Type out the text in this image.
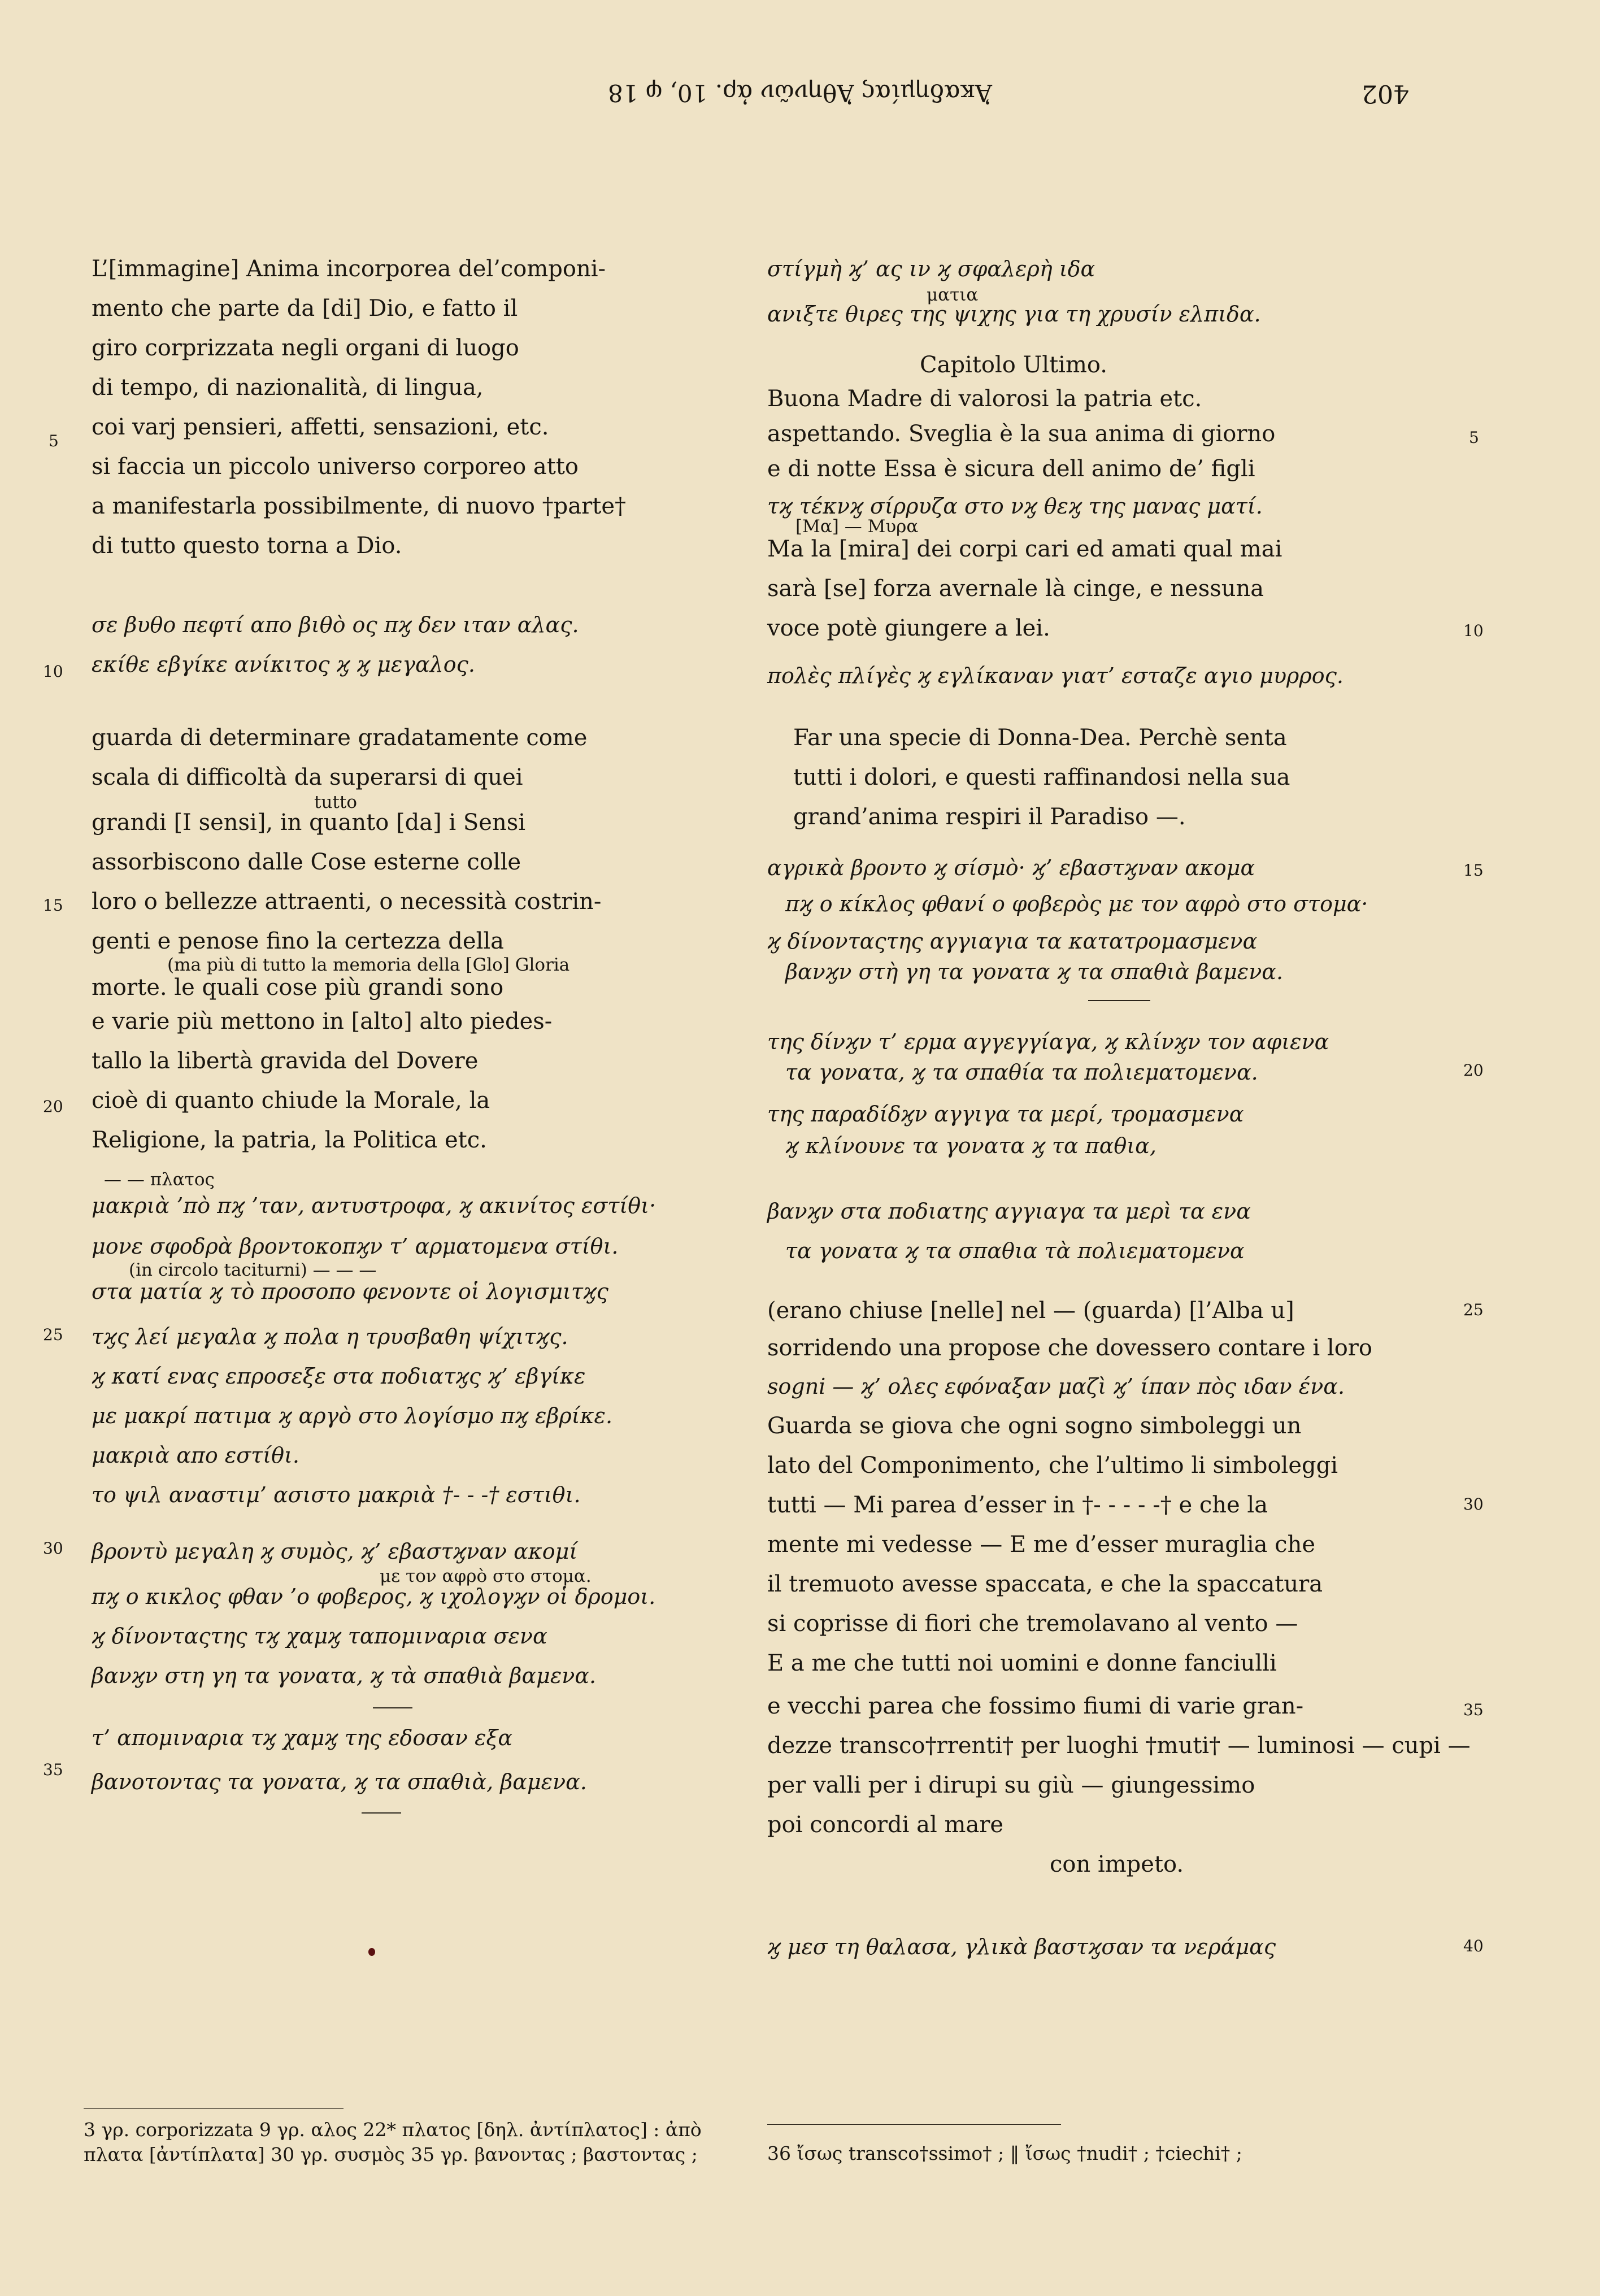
Ἀκαδημίας Ἀθηνῶν ἀρ. 10, φ 18	402
L’[immagine] Anima incorporea del’componi-
mento che parte da [di] Dio, e fatto il
giro corprizzata negli organi di luogo
di tempo, di nazionalità, di lingua,
coi varj pensieri, affetti, sensazioni, etc.
si faccia un piccolo universo corporeo atto
a manifestarla possibilmente, di nuovo †parte†
di tutto questo torna a Dio.
σε βυθο πεφτί απο βιθὸ ος πϗ δεν ιταν αλας.
εκίθε εβγίκε ανίκιτος ϗ ϗ μεγαλος.
guarda di determinare gradatamente come
scala di difficoltà da superarsi di quei
tutto
grandi [I sensi], in quanto [da] i Sensi
assorbiscono dalle Cose esterne colle
loro o bellezze attraenti, o necessità costrin-
genti e penose fino la certezza della
(ma più di tutto la memoria della [Glo] Gloria
morte. le quali cose più grandi sono
e varie più mettono in [alto] alto piedes-
tallo la libertà gravida del Dovere
cioè di quanto chiude la Morale, la
Religione, la patria, la Politica etc.
— — πλατος
μακριὰ ’πὸ πϗ ’ταν, αντυστροφα, ϗ ακινίτος εστίθι·
μονε σφοδρὰ βροντοκοπϗν τ’ αρματομενα στίθι.
(in circolo taciturni) — — —
στα ματία ϗ τὸ προσοπο φενοντε οἱ λογισμιτϗς
τϗς λεί μεγαλα ϗ πολα η τρυσβαθη ψίχιτϗς.
ϗ κατί ενας επροσεξε στα ποδιατϗς ϗ’ εβγίκε
με μακρί πατιμα ϗ αργὸ στο λογίσμο πϗ εβρίκε.
μακριὰ απο εστίθι.
το ψιλ αναστιμ’ ασιστο μακριὰ †- - -† εστιθι.
βροντὺ μεγαλη ϗ συμὸς, ϗ’ εβαστϗναν ακομί
με τον αφρὸ στο στομα.
πϗ ο κικλος φθαν ’ο φοβερος, ϗ ιχολογϗν οἱ δρομοι.
ϗ δίνονταςτης τϗ χαμϗ ταπομιναρια σενα
βανϗν στη γη τα γονατα, ϗ τὰ σπαθιὰ βαμενα.
τ’ απομιναρια τϗ χαμϗ της εδοσαν εξα
βανοτοντας τα γονατα, ϗ τα σπαθιὰ, βαμενα.
5
10
15
20
25
30
35
στίγμὴ ϗ’ ας ιν ϗ σφαλερὴ ιδα
ματια
ανιξτε θιρες της ψιχης για τη χρυσίν ελπιδα.
Capitolo Ultimo.
Buona Madre di valorosi la patria etc.
aspettando. Sveglia è la sua anima di giorno
e di notte Essa è sicura dell animo de’ figli
τϗ τέκνϗ σίρρυζα στο νϗ θεϗ της μανας ματί.
[Μα] — Μυρα
Ma la [mira] dei corpi cari ed amati qual mai
sarà [se] forza avernale là cinge, e nessuna
voce potè giungere a lei.
πολὲς πλίγὲς ϗ εγλίκαναν γιατ’ εσταζε αγιο μυρρος.
Far una specie di Donna-Dea. Perchè senta
tutti i dolori, e questi raffinandosi nella sua
grand’anima respiri il Paradiso —.
αγρικὰ βροντο ϗ σίσμὸ· ϗ’ εβαστϗναν ακομα
πϗ ο κίκλος φθανί ο φοβερὸς με τον αφρὸ στο στομα·
ϗ δίνονταςτης αγγιαγια τα κατατρομασμενα
βανϗν στὴ γη τα γονατα ϗ τα σπαθιὰ βαμενα.
της δίνϗν τ’ ερμα αγγεγγίαγα, ϗ κλίνϗν τον αφιενα
τα γονατα, ϗ τα σπαθία τα πολιεματομενα.
της παραδίδϗν αγγιγα τα μερί, τρομασμενα
ϗ κλίνουνε τα γονατα ϗ τα παθια,
βανϗν στα ποδιατης αγγιαγα τα μερὶ τα ενα
τα γονατα ϗ τα σπαθια τὰ πολιεματομενα
(erano chiuse [nelle] nel — (guarda) [l’Alba u]
sorridendo una propose che dovessero contare i loro
sogni — ϗ’ ολες εφόναξαν μαζὶ ϗ’ ίπαν πὸς ιδαν ένα.
Guarda se giova che ogni sogno simboleggi un
lato del Componimento, che l’ultimo li simboleggi
tutti — Mi parea d’esser in †- - - - -† e che la
mente mi vedesse — E me d’esser muraglia che
il tremuoto avesse spaccata, e che la spaccatura
si coprisse di fiori che tremolavano al vento —
E a me che tutti noi uomini e donne fanciulli
e vecchi parea che fossimo fiumi di varie gran-
dezze transco†rrenti† per luoghi †muti† — luminosi — cupi —
per valli per i dirupi su giù — giungessimo
poi concordi al mare
con impeto.
ϗ μεσ τη θαλασα, γλικὰ βαστϗσαν τα νεράμας
5
10
15
20
25
30
35
40
3 γρ. corporizzata 9 γρ. αλος 22* πλατος [δηλ. ἀντίπλατος] : ἀπὸ
πλατα [ἀντίπλατα] 30 γρ. συσμὸς 35 γρ. βανοντας ; βαστοντας ;	36 ἴσως transco†ssimo† ; ‖ ἴσως †nudi† ; †ciechi† ;
